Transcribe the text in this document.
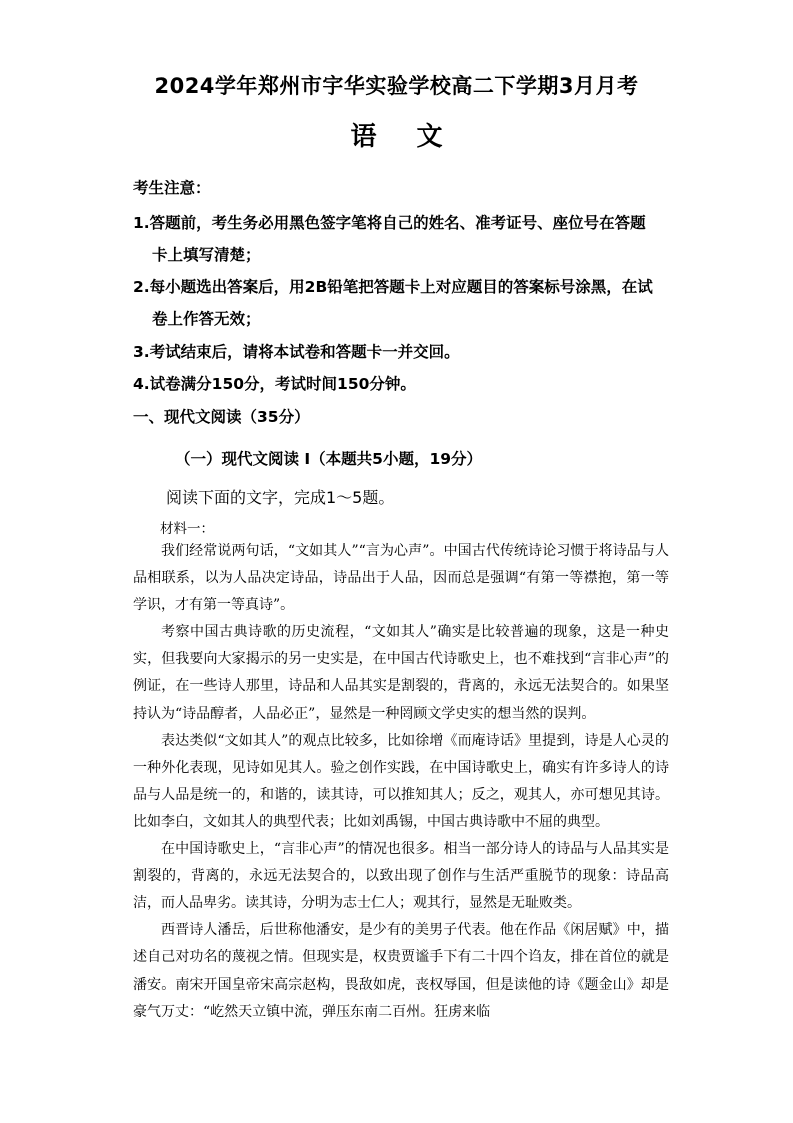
2024学年郑州市宇华实验学校高二下学期3月月考
语文
考生注意：
1.答题前，考生务必用黑色签字笔将自己的姓名、准考证号、座位号在答题
卡上填写清楚；
2.每小题选出答案后，用2B铅笔把答题卡上对应题目的答案标号涂黑，在试
卷上作答无效；
3.考试结束后，请将本试卷和答题卡一并交回。
4.试卷满分150分，考试时间150分钟。
一、现代文阅读（35分）
（一）现代文阅读 I（本题共5小题，19分）
阅读下面的文字，完成1～5题。
材料一：

我们经常说两句话，“文如其人”“言为心声”。中国古代传统诗论习惯于将诗品与人品相联系，以为人品决定诗品，诗品出于人品，因而总是强调“有第一等襟抱，第一等学识，才有第一等真诗”。

考察中国古典诗歌的历史流程，“文如其人”确实是比较普遍的现象，这是一种史实，但我要向大家揭示的另一史实是，在中国古代诗歌史上，也不难找到“言非心声”的例证，在一些诗人那里，诗品和人品其实是割裂的，背离的，永远无法契合的。如果坚持认为“诗品醇者，人品必正”，显然是一种罔顾文学史实的想当然的误判。

表达类似“文如其人”的观点比较多，比如徐增《而庵诗话》里提到，诗是人心灵的一种外化表现，见诗如见其人。验之创作实践，在中国诗歌史上，确实有许多诗人的诗品与人品是统一的，和谐的，读其诗，可以推知其人；反之，观其人，亦可想见其诗。比如李白，文如其人的典型代表；比如刘禹锡，中国古典诗歌中不屈的典型。

在中国诗歌史上，“言非心声”的情况也很多。相当一部分诗人的诗品与人品其实是割裂的，背离的，永远无法契合的，以致出现了创作与生活严重脱节的现象：诗品高洁，而人品卑劣。读其诗，分明为志士仁人；观其行，显然是无耻败类。

西晋诗人潘岳，后世称他潘安，是少有的美男子代表。他在作品《闲居赋》中，描述自己对功名的蔑视之情。但现实是，权贵贾谧手下有二十四个诌友，排在首位的就是潘安。南宋开国皇帝宋高宗赵构，畏敌如虎，丧权辱国，但是读他的诗《题金山》却是豪气万丈：“屹然天立镇中流，弹压东南二百州。狂虏来临
